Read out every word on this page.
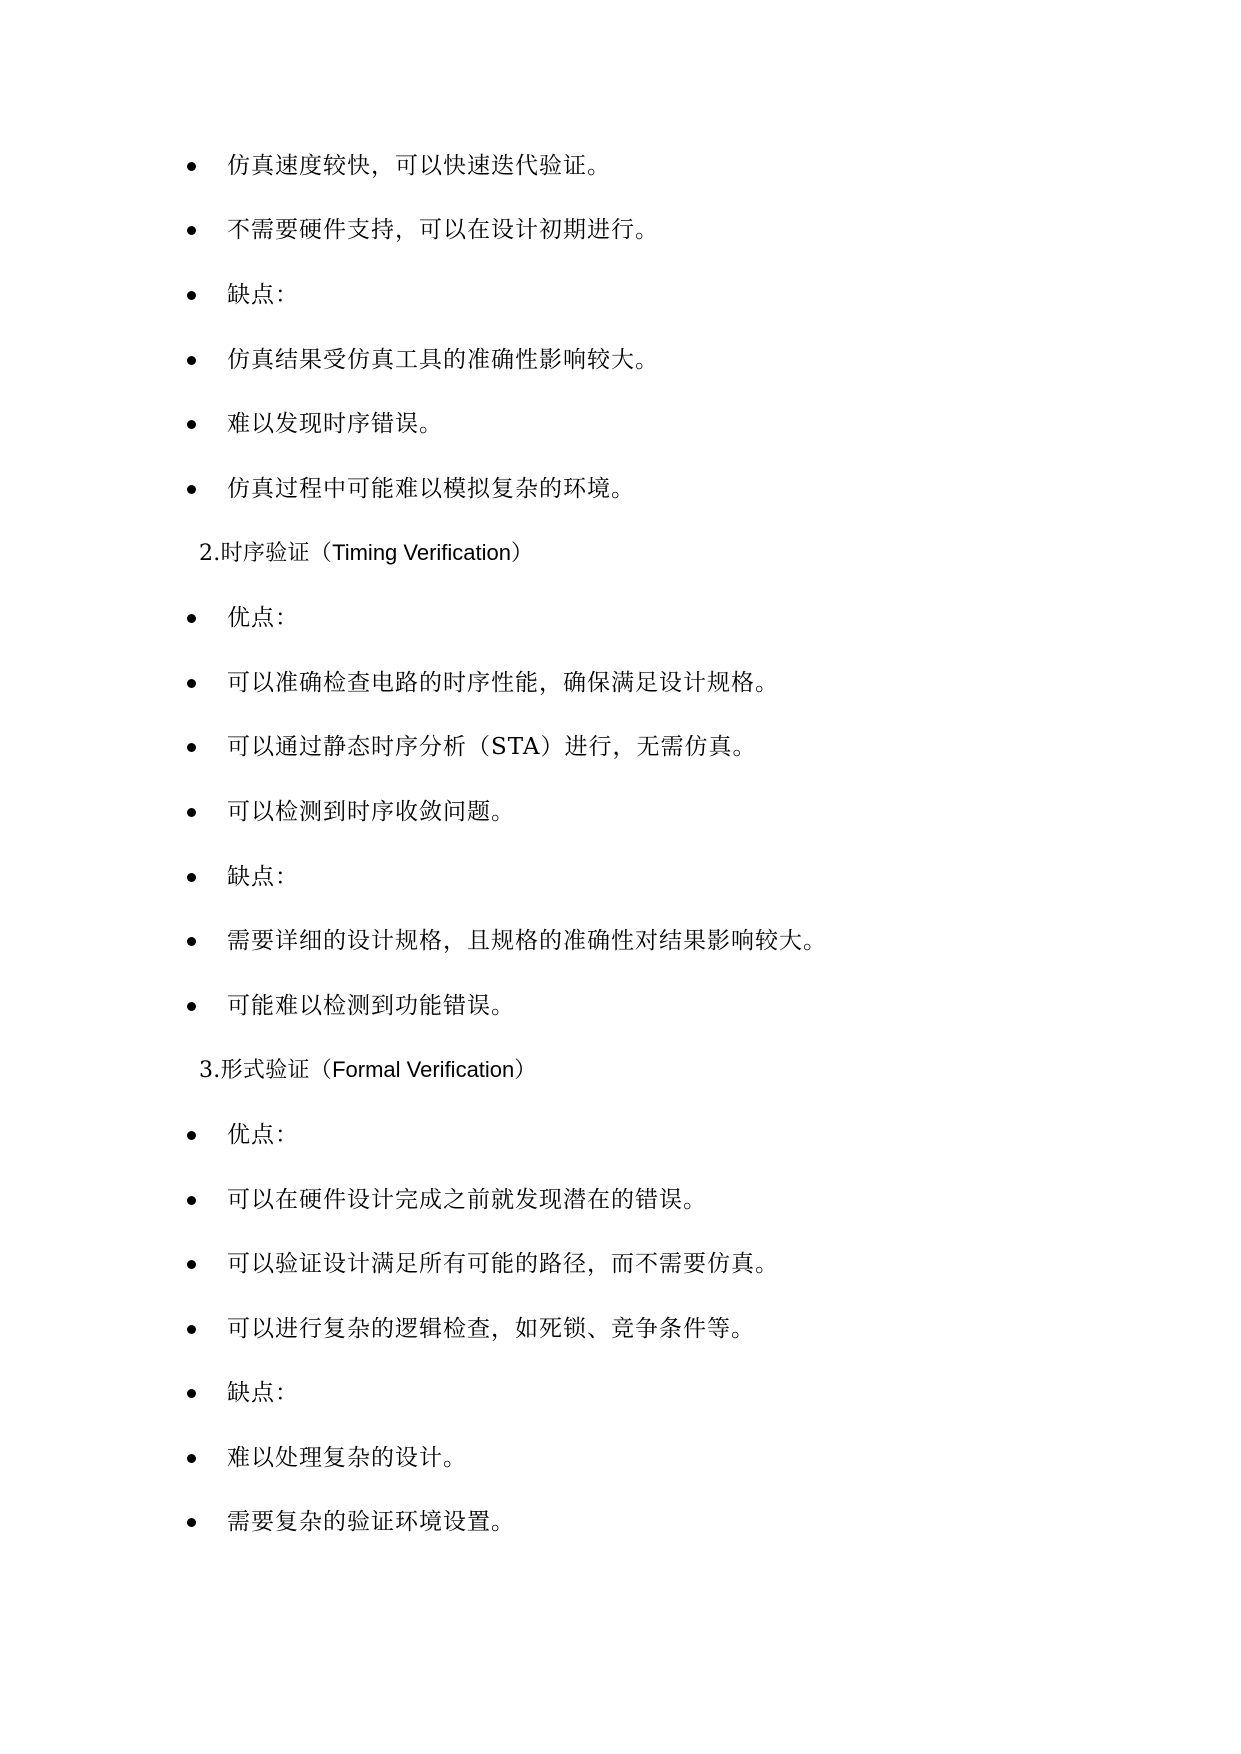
仿真速度较快，可以快速迭代验证。
不需要硬件支持，可以在设计初期进行。
缺点：
仿真结果受仿真工具的准确性影响较大。
难以发现时序错误。
仿真过程中可能难以模拟复杂的环境。
2.时序验证（Timing Verification）
优点：
可以准确检查电路的时序性能，确保满足设计规格。
可以通过静态时序分析（STA）进行，无需仿真。
可以检测到时序收敛问题。
缺点：
需要详细的设计规格，且规格的准确性对结果影响较大。
可能难以检测到功能错误。
3.形式验证（Formal Verification）
优点：
可以在硬件设计完成之前就发现潜在的错误。
可以验证设计满足所有可能的路径，而不需要仿真。
可以进行复杂的逻辑检查，如死锁、竞争条件等。
缺点：
难以处理复杂的设计。
需要复杂的验证环境设置。
